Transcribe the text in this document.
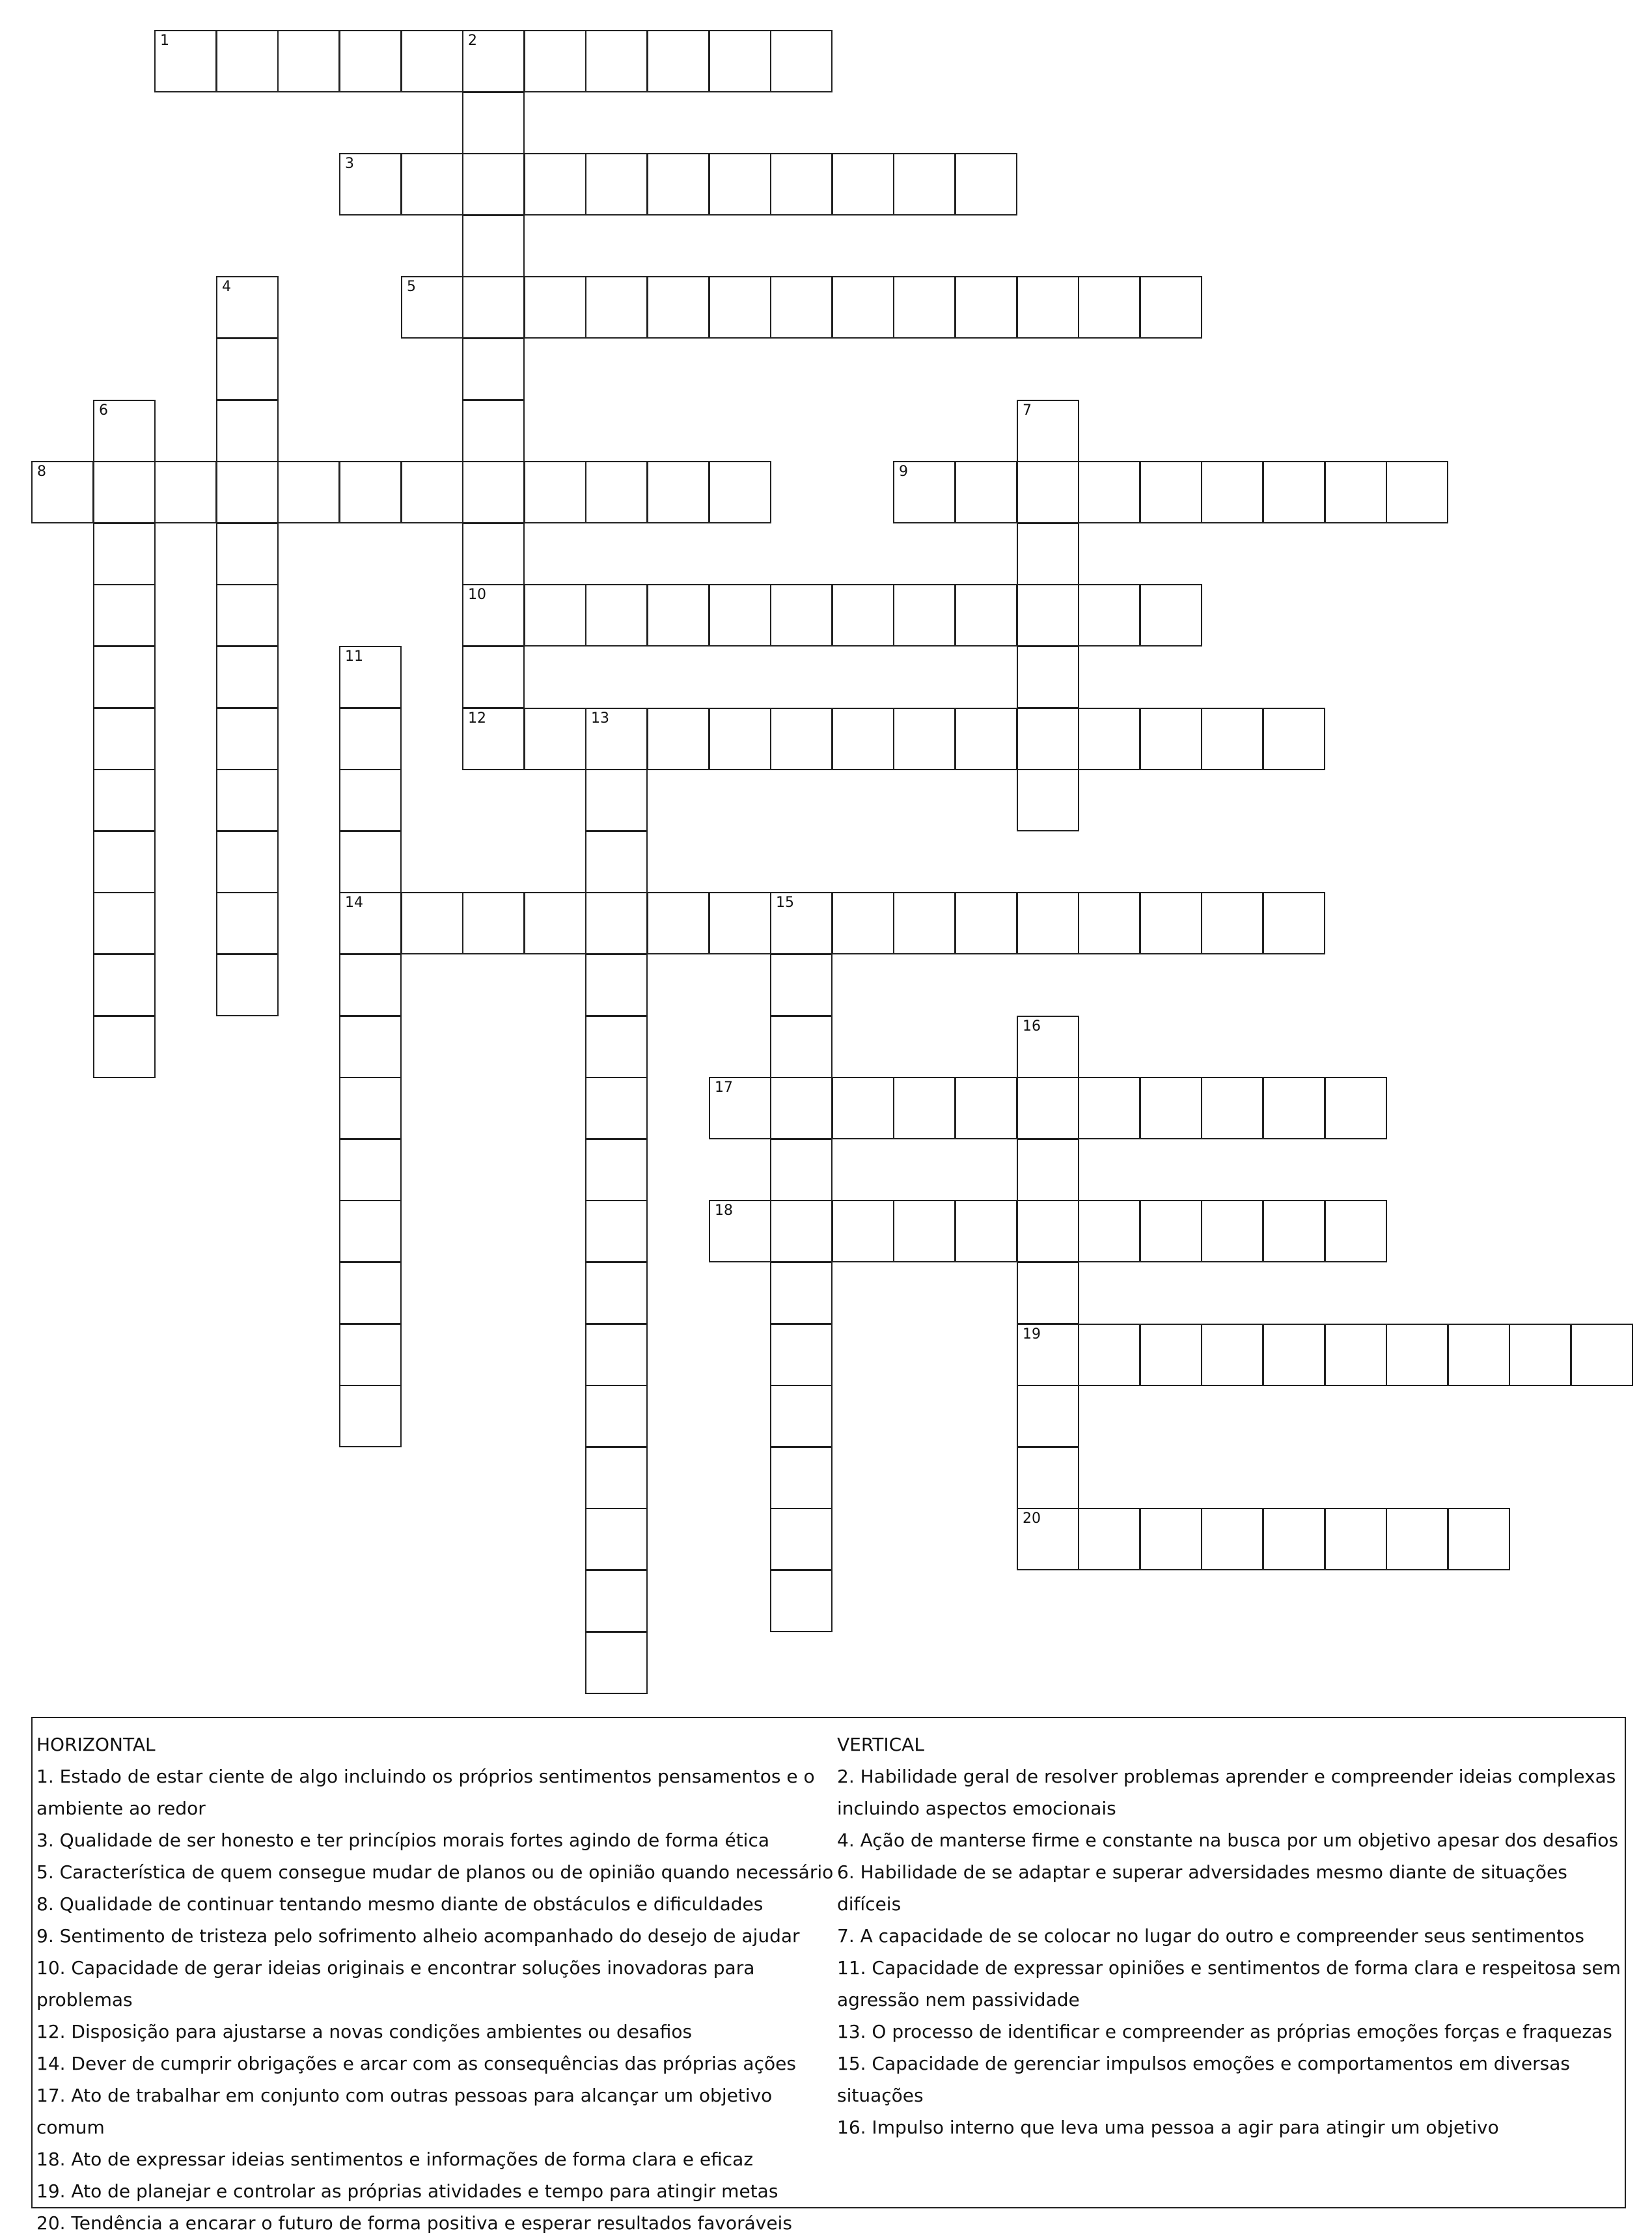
1	2
10
12
3
4	5
6	7
8	9
11
14
13
15
16
19
20
17
18
HORIZONTAL

1. Estado de estar ciente de algo incluindo os próprios sentimentos pensamentos e o ambiente ao redor

3. Qualidade de ser honesto e ter princípios morais fortes agindo de forma ética

5. Característica de quem consegue mudar de planos ou de opinião quando necessário

8. Qualidade de continuar tentando mesmo diante de obstáculos e dificuldades

9. Sentimento de tristeza pelo sofrimento alheio acompanhado do desejo de ajudar

10. Capacidade de gerar ideias originais e encontrar soluções inovadoras para problemas

12. Disposição para ajustarse a novas condições ambientes ou desafios

14. Dever de cumprir obrigações e arcar com as consequências das próprias ações

17. Ato de trabalhar em conjunto com outras pessoas para alcançar um objetivo comum

18. Ato de expressar ideias sentimentos e informações de forma clara e eficaz

19. Ato de planejar e controlar as próprias atividades e tempo para atingir metas

20. Tendência a encarar o futuro de forma positiva e esperar resultados favoráveis

VERTICAL

2. Habilidade geral de resolver problemas aprender e compreender ideias complexas incluindo aspectos emocionais

4. Ação de manterse firme e constante na busca por um objetivo apesar dos desafios

6. Habilidade de se adaptar e superar adversidades mesmo diante de situações difíceis

7. A capacidade de se colocar no lugar do outro e compreender seus sentimentos

11. Capacidade de expressar opiniões e sentimentos de forma clara e respeitosa sem agressão nem passividade

13. O processo de identificar e compreender as próprias emoções forças e fraquezas

15. Capacidade de gerenciar impulsos emoções e comportamentos em diversas situações

16. Impulso interno que leva uma pessoa a agir para atingir um objetivo
